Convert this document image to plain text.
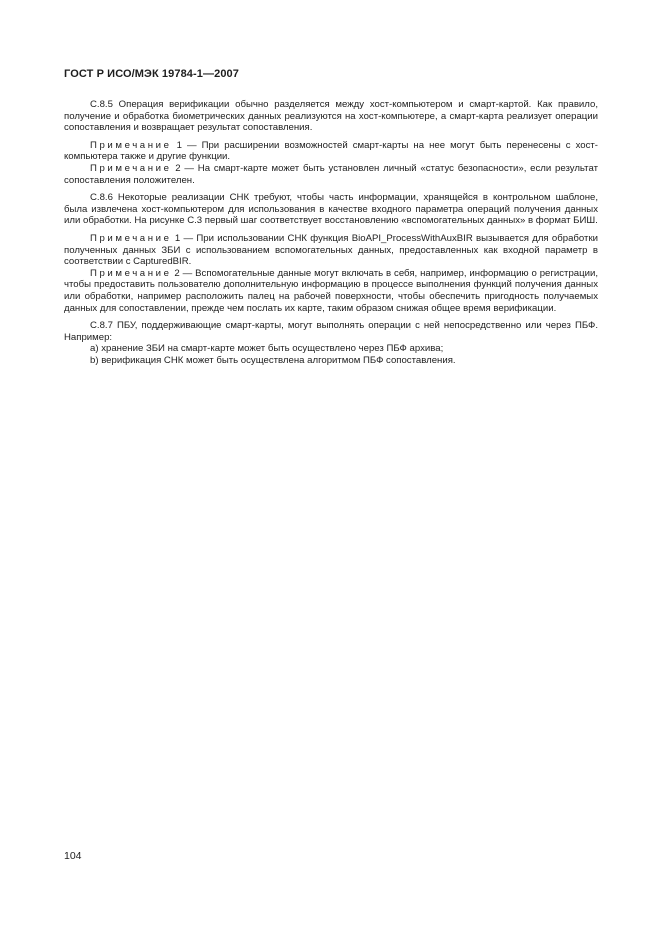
ГОСТ Р ИСО/МЭК 19784-1—2007

С.8.5 Операция верификации обычно разделяется между хост-компьютером и смарт-картой. Как правило, получение и обработка биометрических данных реализуются на хост-компьютере, а смарт-карта реализует операции сопоставления и возвращает результат сопоставления.

Примечание 1 — При расширении возможностей смарт-карты на нее могут быть перенесены с хост-компьютера также и другие функции.

Примечание 2 — На смарт-карте может быть установлен личный «статус безопасности», если результат сопоставления положителен.

С.8.6 Некоторые реализации СНК требуют, чтобы часть информации, хранящейся в контрольном шаблоне, была извлечена хост-компьютером для использования в качестве входного параметра операций получения данных или обработки. На рисунке С.3 первый шаг соответствует восстановлению «вспомогательных данных» в формат БИШ.

Примечание 1 — При использовании СНК функция BioAPI_ProcessWithAuxBIR вызывается для обработки полученных данных ЗБИ с использованием вспомогательных данных, предоставленных как входной параметр в соответствии с CapturedBIR.

Примечание 2 — Вспомогательные данные могут включать в себя, например, информацию о регистрации, чтобы предоставить пользователю дополнительную информацию в процессе выполнения функций получения данных или обработки, например расположить палец на рабочей поверхности, чтобы обеспечить пригодность получаемых данных для сопоставлении, прежде чем послать их карте, таким образом снижая общее время верификации.

С.8.7 ПБУ, поддерживающие смарт-карты, могут выполнять операции с ней непосредственно или через ПБФ. Например:

a) хранение ЗБИ на смарт-карте может быть осуществлено через ПБФ архива;

b) верификация СНК может быть осуществлена алгоритмом ПБФ сопоставления.

104
